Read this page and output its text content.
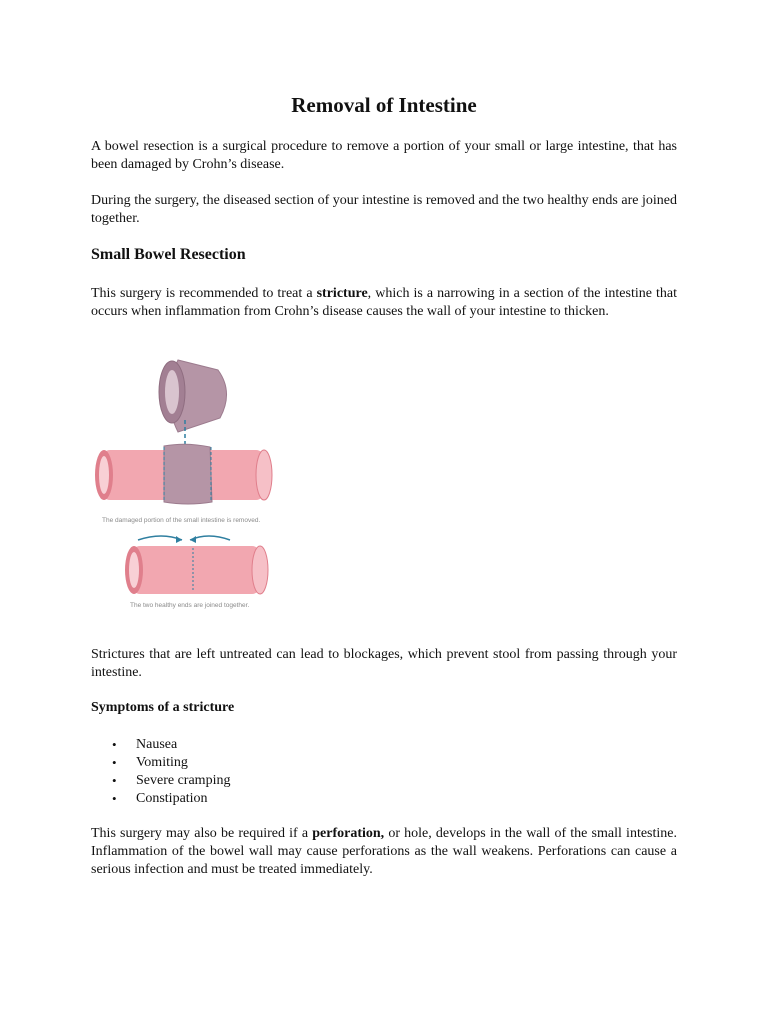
Removal of Intestine

A bowel resection is a surgical procedure to remove a portion of your small or large intestine, that has been damaged by Crohn’s disease.

During the surgery, the diseased section of your intestine is removed and the two healthy ends are joined together.

Small Bowel Resection

This surgery is recommended to treat a stricture, which is a narrowing in a section of the intestine that occurs when inflammation from Crohn’s disease causes the wall of your intestine to thicken.

The damaged portion of the small intestine is removed.
The two healthy ends are joined together.

Strictures that are left untreated can lead to blockages, which prevent stool from passing through your intestine.

Symptoms of a stricture
• Nausea
• Vomiting
• Severe cramping
• Constipation

This surgery may also be required if a perforation, or hole, develops in the wall of the small intestine. Inflammation of the bowel wall may cause perforations as the wall weakens. Perforations can cause a serious infection and must be treated immediately.
